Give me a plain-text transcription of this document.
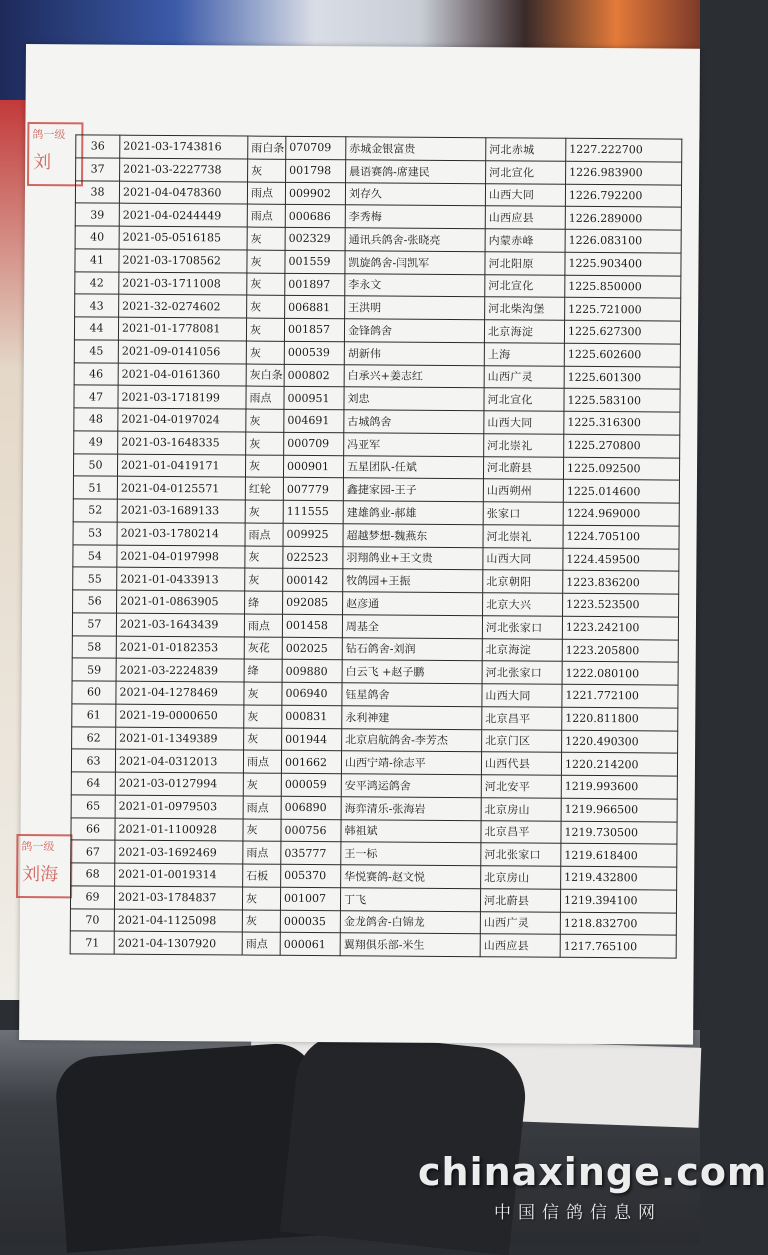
鸽一级
刘
鸽一级
刘海
36	2021-03-1743816	雨白条	070709	赤城金银富贵	河北赤城	1227.222700
37	2021-03-2227738	灰	001798	晨语赛鸽-席建民	河北宣化	1226.983900
38	2021-04-0478360	雨点	009902	刘存久	山西大同	1226.792200
39	2021-04-0244449	雨点	000686	李秀梅	山西应县	1226.289000
40	2021-05-0516185	灰	002329	通讯兵鸽舍-张晓亮	内蒙赤峰	1226.083100
41	2021-03-1708562	灰	001559	凯旋鸽舍-闫凯军	河北阳原	1225.903400
42	2021-03-1711008	灰	001897	李永文	河北宣化	1225.850000
43	2021-32-0274602	灰	006881	王洪明	河北柴沟堡	1225.721000
44	2021-01-1778081	灰	001857	金锋鸽舍	北京海淀	1225.627300
45	2021-09-0141056	灰	000539	胡新伟	上海	1225.602600
46	2021-04-0161360	灰白条	000802	白承兴+姜志红	山西广灵	1225.601300
47	2021-03-1718199	雨点	000951	刘忠	河北宣化	1225.583100
48	2021-04-0197024	灰	004691	古城鸽舍	山西大同	1225.316300
49	2021-03-1648335	灰	000709	冯亚军	河北崇礼	1225.270800
50	2021-01-0419171	灰	000901	五星团队-任斌	河北蔚县	1225.092500
51	2021-04-0125571	红轮	007779	鑫捷家园-王子	山西朔州	1225.014600
52	2021-03-1689133	灰	111555	建雄鸽业-郝雄	张家口	1224.969000
53	2021-03-1780214	雨点	009925	超越梦想-魏燕东	河北崇礼	1224.705100
54	2021-04-0197998	灰	022523	羽翔鸽业+王文贵	山西大同	1224.459500
55	2021-01-0433913	灰	000142	牧鸽园+王振	北京朝阳	1223.836200
56	2021-01-0863905	绛	092085	赵彦通	北京大兴	1223.523500
57	2021-03-1643439	雨点	001458	周基全	河北张家口	1223.242100
58	2021-01-0182353	灰花	002025	钻石鸽舍-刘润	北京海淀	1223.205800
59	2021-03-2224839	绛	009880	白云飞 +赵子鹏	河北张家口	1222.080100
60	2021-04-1278469	灰	006940	钰星鸽舍	山西大同	1221.772100
61	2021-19-0000650	灰	000831	永利神建	北京昌平	1220.811800
62	2021-01-1349389	灰	001944	北京启航鸽舍-李芳杰	北京门区	1220.490300
63	2021-04-0312013	雨点	001662	山西宁靖-徐志平	山西代县	1220.214200
64	2021-03-0127994	灰	000059	安平鸿运鸽舍	河北安平	1219.993600
65	2021-01-0979503	雨点	006890	海弈清乐-张海岩	北京房山	1219.966500
66	2021-01-1100928	灰	000756	韩祖斌	北京昌平	1219.730500
67	2021-03-1692469	雨点	035777	王一标	河北张家口	1219.618400
68	2021-01-0019314	石板	005370	华悦赛鸽-赵文悦	北京房山	1219.432800
69	2021-03-1784837	灰	001007	丁飞	河北蔚县	1219.394100
70	2021-04-1125098	灰	000035	金龙鸽舍-白锦龙	山西广灵	1218.832700
71	2021-04-1307920	雨点	000061	翼翔俱乐部-米生	山西应县	1217.765100
chinaxinge.com
中国信鸽信息网
